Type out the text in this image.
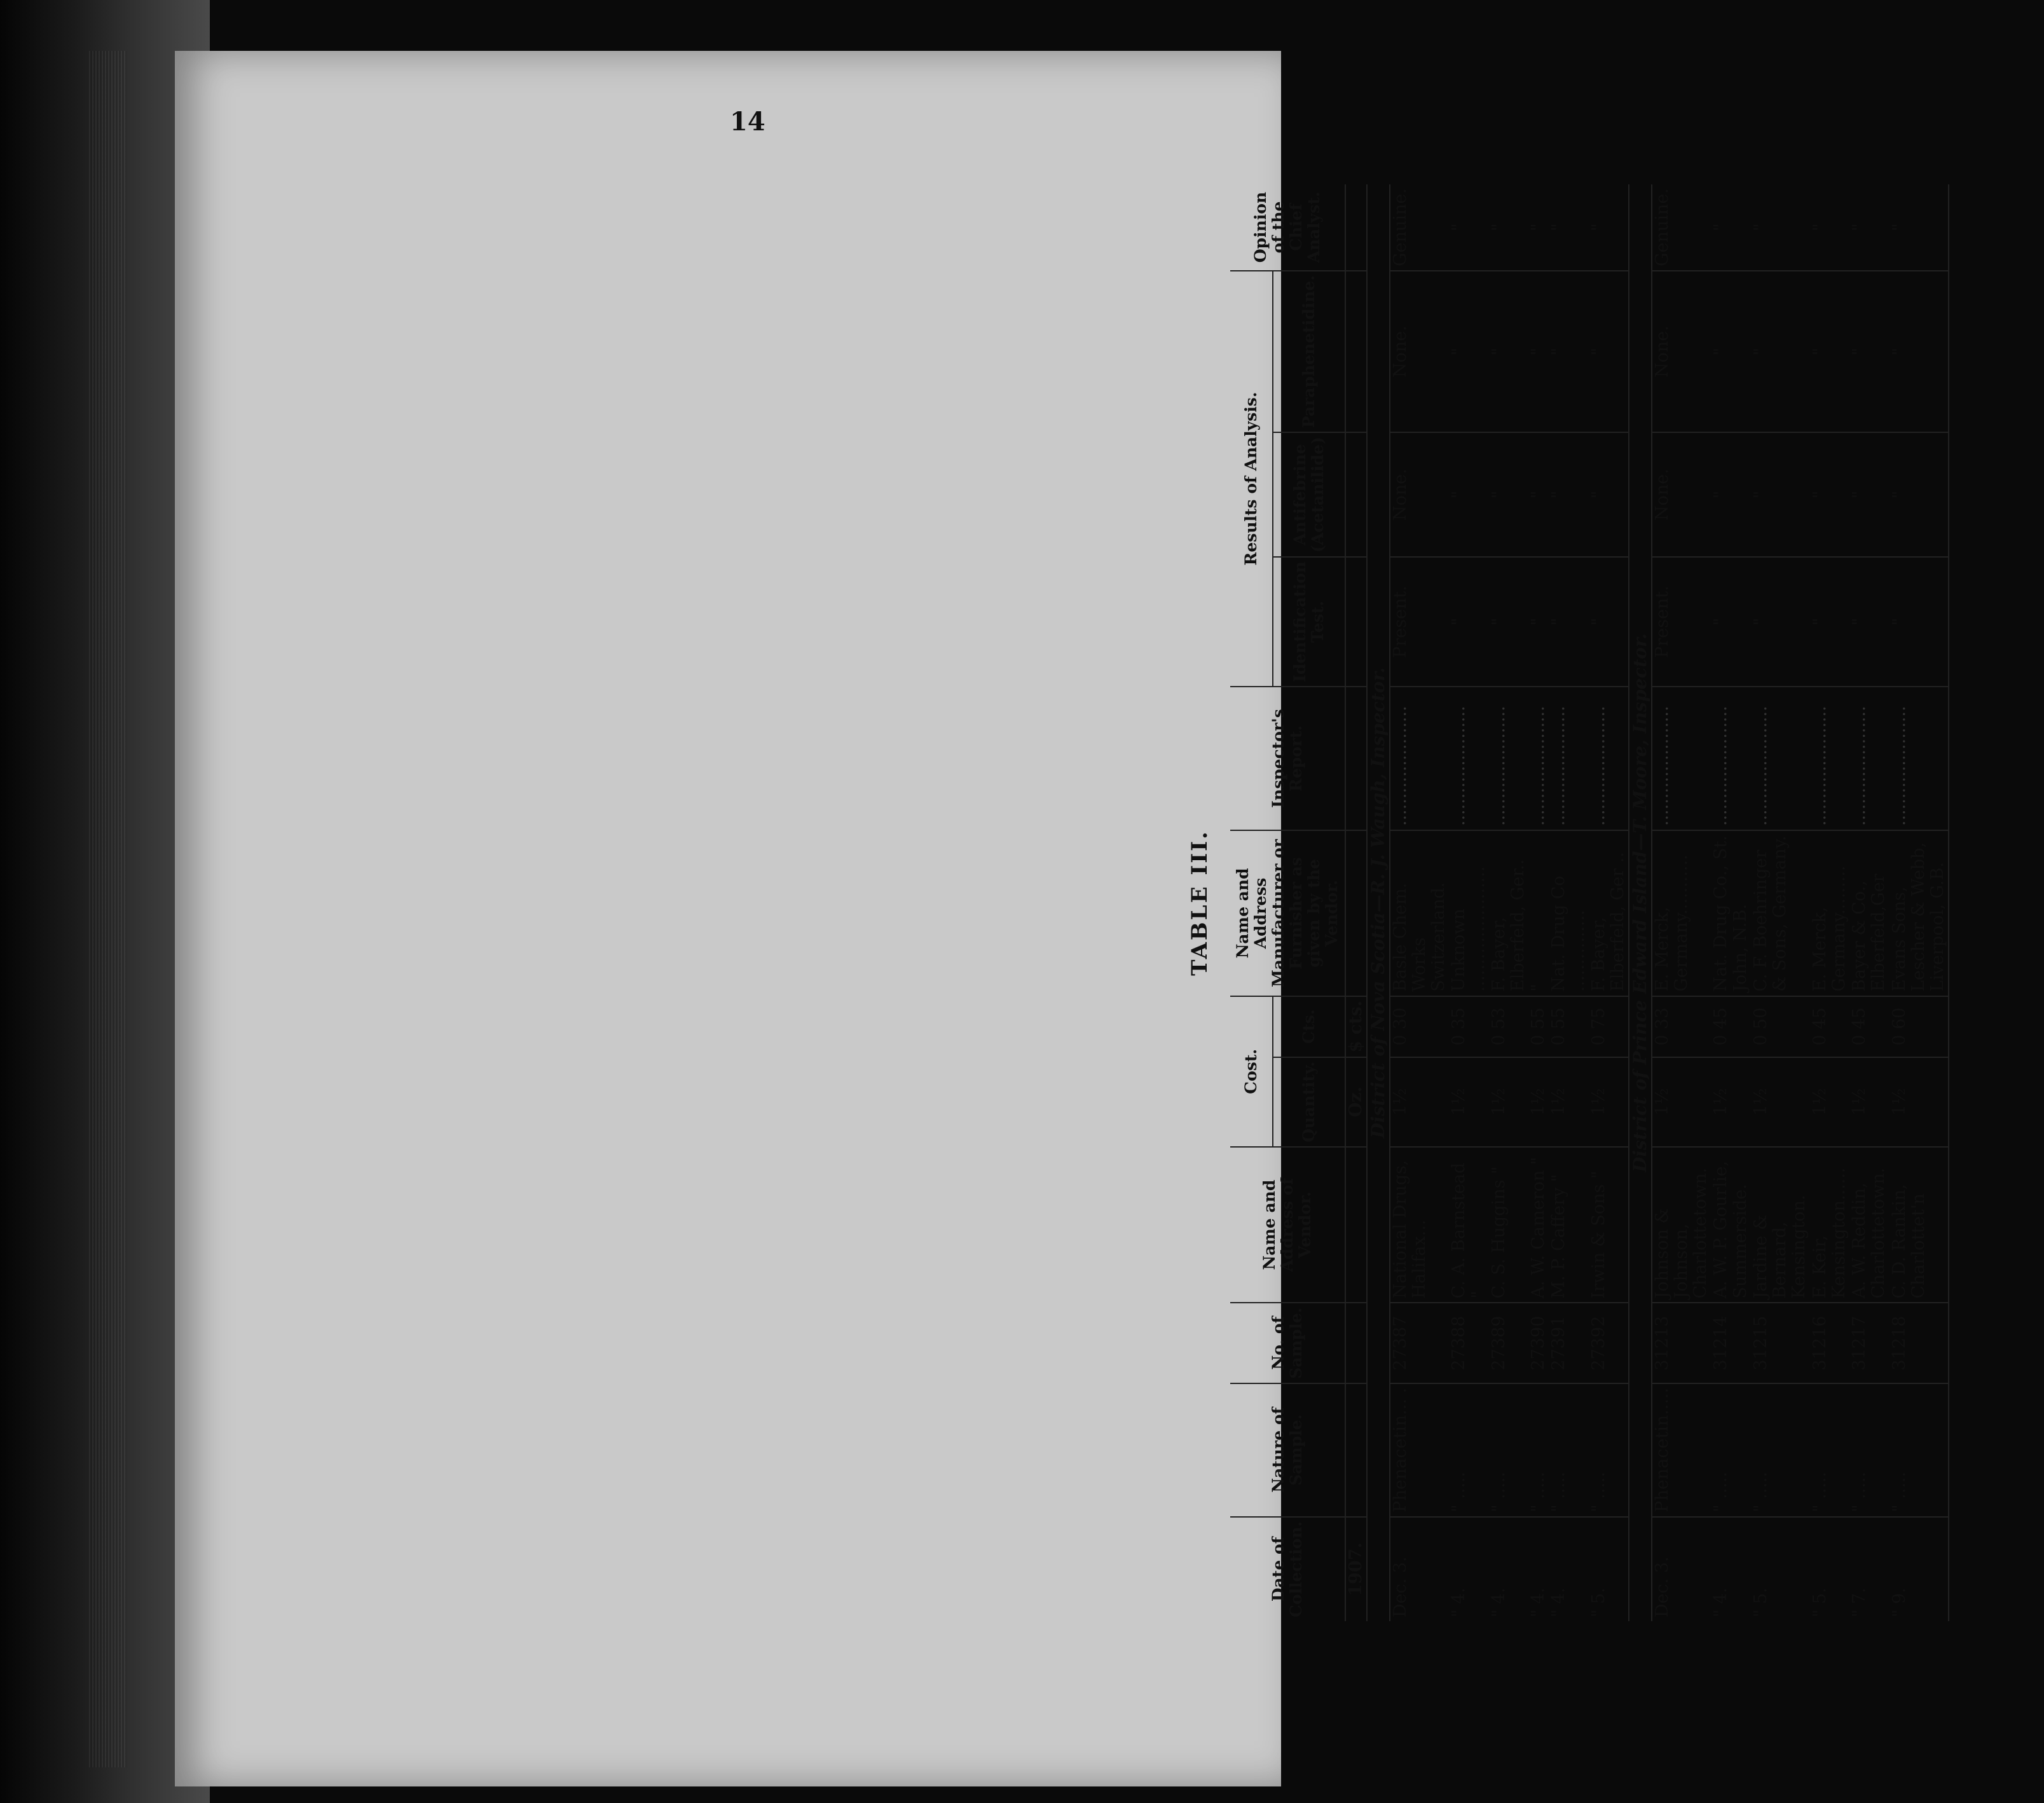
14
TABLE III.
Date of Collection.	Nature of Sample.	No. of Sample.	Name and Address of Vendor.	Cost.		Name and Address Manufacturer or Furnisher as given by the Vendor.	Inspector's Report.	Results of Analysis.			Opinion of the Chief Analyst.
				Quantity.	Cts.			Identification Test.	Antifebrine (Acetanilide)	Paraphenetidine.	
1907.				Oz.	$ cts.						
District of Nova Scotia—R. J. Waugh, Inspector.											
Dec. 3.	Phenacetin... .	27387	National Drugs, Halifax...	1½	0 30	Basle Chem. Works Switzerland.	......................	Present.	None.	None.	Genuine.
" 4.	" .....	27388	C. A. Barnstead "	1½	0 35	Unknown .......................	......................	"	"	"	"
" 4.	" .....	27389	C. S. Huggins "	1½	0 53	F. Bayer, Elberfeld, Ger..	......................	"	"	"	"
" 4.	" .....	27390	A. W. Cameron "	1½	0 55	"	......................	"	"	"	"
" 4.	" .....	27391	M. P. Caffery "	1½	0 55	Nat. Drug Co ...............	......................	"	"	"	"
" 5.	" .....	27392	Irwin & Sons "	1½	0 75	F. Bayer, Elberfeld, Ger ..	......................	"	"	"	"
District of Prince Edward Island—T. Moore, Inspector.											
Dec. 3.	Phenacetin.....	31213	Johnson & Johnson, Charlottetown.	1½	0 33	E. Merck, Germany...........	......................	Present.	None.	None.	Genuine.
" 4.	" .....	31214	A. W. P. Gourlie, Summerside.	1½	0 45	Nat. Drug Co., St. John, N.B.	......................	"	"	"	"
" 5.	" .....	31215	Jardine & Bernard, Kensington.	1½	0 50	C. F. Boehringer & Sons, Germany.	......................	"	"	"	"
" 5.	" .....	31216	E. Keir, Kensington......	1½	0 45	E. Merck, Germany.........	......................	"	"	"	"
" 7.	" .....	31217	A. W. Reddin, Charlottetown.	1½	0 45	Bayer & Co., Elberfeld,Ger	......................	"	"	"	"
" 9.	" .....	31218	C. D. Rankin, Charlottet'n	1½	0 60	Evans Sons, Lescher & Webb, Liverpool, G.B.	......................	"	"	"	"
